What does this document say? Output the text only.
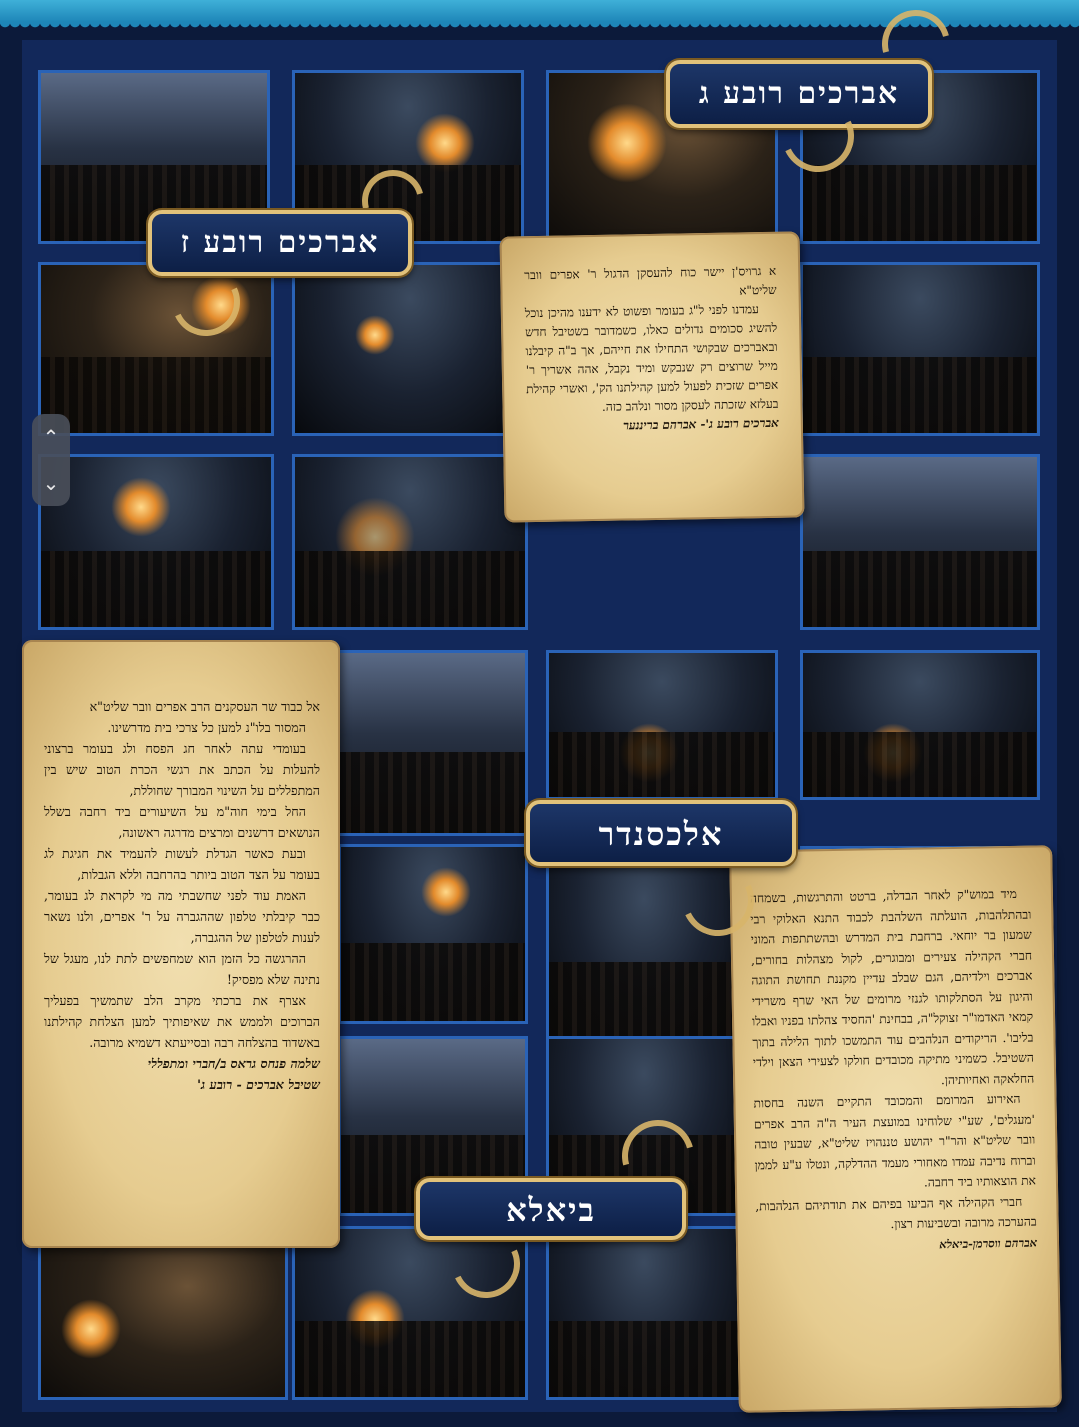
א גרויס'ן יישר כוח להעסקן הדגול ר' אפרים וובר שליט"א

עמדנו לפני ל"ג בעומר ופשוט לא ידענו מהיכן נוכל להשיג סכומים גדולים כאלו, כשמדובר בשטיבל חדש ובאברכים שבקושי התחילו את חייהם, אך ב"ה קיבלנו מייל שרוצים רק שנבקש ומיד נקבל, אהה אשריך ר' אפרים שזכית לפעול למען קהילתנו הק', ואשרי קהילת בעלזא שזכתה לעסקן מסור ונלהב כזה.

אברכים רובע ג'- אברהם בריננער

אל כבוד שר העסקנים הרב אפרים וובר שליט"א

המסור בלו"נ למען כל צרכי בית מדרשינו.

בעומדי עתה לאחר חג הפסח ולג בעומר ברצוני להעלות על הכתב את רגשי הכרת הטוב שיש בין המתפללים על השינוי המבורך שחוללת,

החל בימי חוה"מ על השיעורים ביד רחבה בשלל הנושאים דרשנים ומרצים מדרגה ראשונה,

ובעת כאשר הגדלת לעשות להעמיד את חגיגת לג בעומר על הצד הטוב ביותר בהרחבה וללא הגבלות,

האמת עוד לפני שחשבתי מה מי לקראת לג בעומר, כבר קיבלתי טלפון שההגברה על ר' אפרים, ולנו נשאר לענות לטלפון של ההגברה,

ההרגשה כל הזמן הוא שמחפשים לתת לנו, מעגל של נתינה שלא מפסיק!

אצרף את ברכתי מקרב הלב שתמשיך בפעליך הברוכים ולממש את שאיפותיך למען הצלחת קהילתנו באשדוד בהצלחה רבה ובסייעתא דשמיא מרובה.

שלמה פנחס גראס ב/חברי ומתפללי

שטיבל אברכים - רובע ג'

מיד במוש"ק לאחר הבדלה, ברטט והתרגשות, בשמחה ובהתלהבות, הועלתה השלהבת לכבוד התנא האלוקי רבי שמעון בר יוחאי. ברחבת בית המדרש ובהשתתפות המוני חברי הקהילה צעירים ומבוגרים, לקול מצהלות בחורים, אברכים וילדיהם, הגם שבלב עדיין מקננת תחושת התוגה והיגון על הסתלקותו לגנזי מרומים של האי שרף משרידי קמאי האדמו"ר זצוקל"ה, בבחינת 'החסיד צהלתו בפניו ואבלו בליבו'. הריקודים הנלהבים עוד התמשכו לתוך הלילה בתוך השטיבל. כשמיני מתיקה מכובדים חולקו לצעירי הצאן וילדי החלאקה ואחיותיהן.

האירוע המרומם והמכובד התקיים השנה בחסות 'מעגלים', שע"י שלוחינו במועצת העיר ה"ה הרב אפרים וובר שליט"א והר"ר יהושע טננהויז שליט"א, שבעין טובה וברוח נדיבה עמדו מאחורי מעמד ההדלקה, ונטלו ע"ע לממן את הוצאותיו ביד רחבה.

חברי הקהילה אף הביעו בפיהם את תודתיהם הנלהבות, בהערכה מרובה ובשביעות רצון.

אברהם ווסרמן-ביאלא

אברכים רובע ג
אברכים רובע ז
אלכסנדר
ביאלא
⌃
⌄
